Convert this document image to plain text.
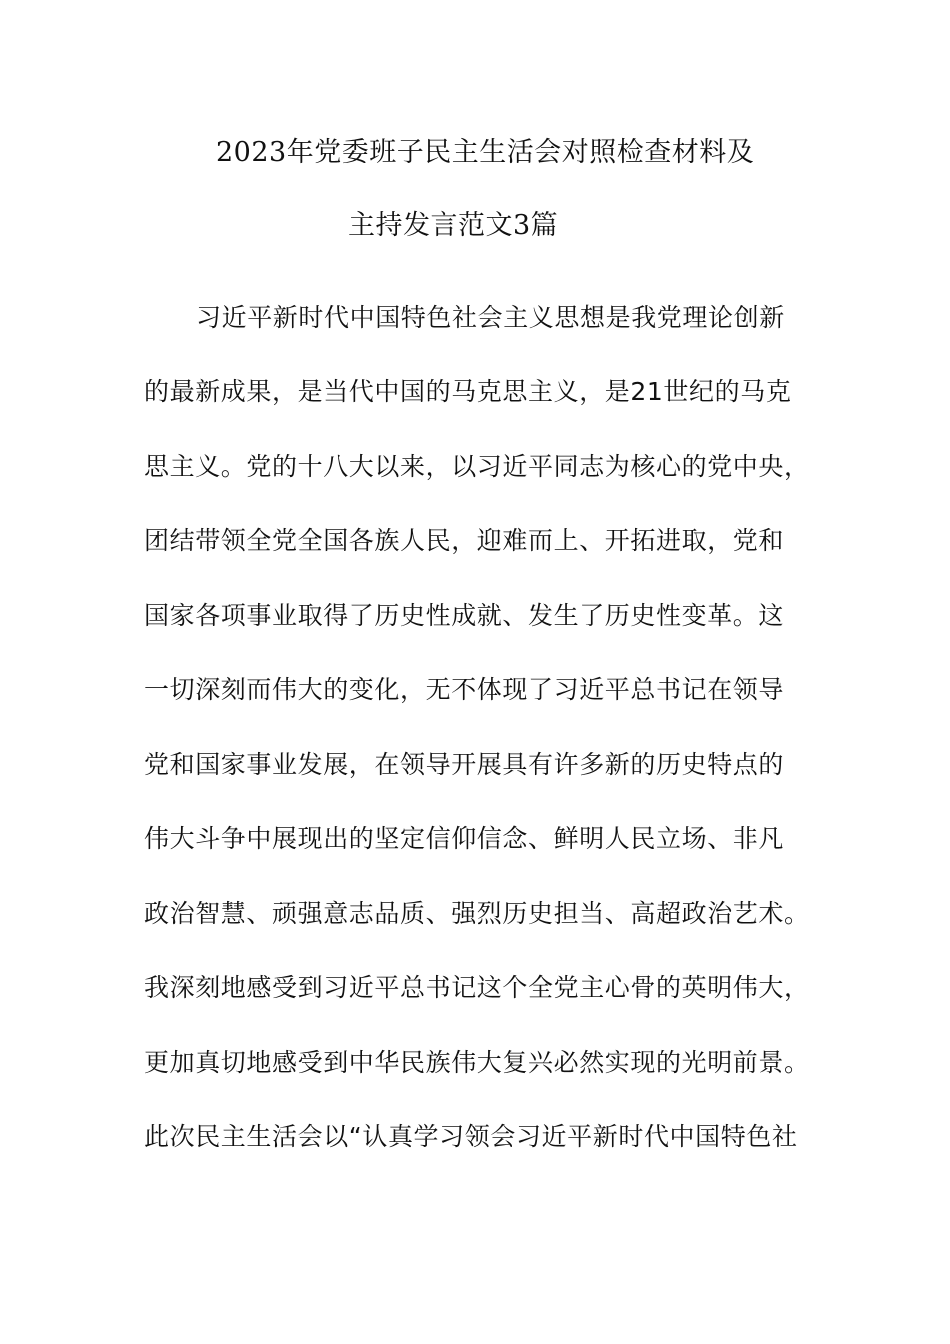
2023年党委班子民主生活会对照检查材料及
主持发言范文3篇
习近平新时代中国特色社会主义思想是我党理论创新
的最新成果，是当代中国的马克思主义，是21世纪的马克
思主义。党的十八大以来，以习近平同志为核心的党中央，
团结带领全党全国各族人民，迎难而上、开拓进取，党和
国家各项事业取得了历史性成就、发生了历史性变革。这
一切深刻而伟大的变化，无不体现了习近平总书记在领导
党和国家事业发展，在领导开展具有许多新的历史特点的
伟大斗争中展现出的坚定信仰信念、鲜明人民立场、非凡
政治智慧、顽强意志品质、强烈历史担当、高超政治艺术。
我深刻地感受到习近平总书记这个全党主心骨的英明伟大，
更加真切地感受到中华民族伟大复兴必然实现的光明前景。
此次民主生活会以“认真学习领会习近平新时代中国特色社
